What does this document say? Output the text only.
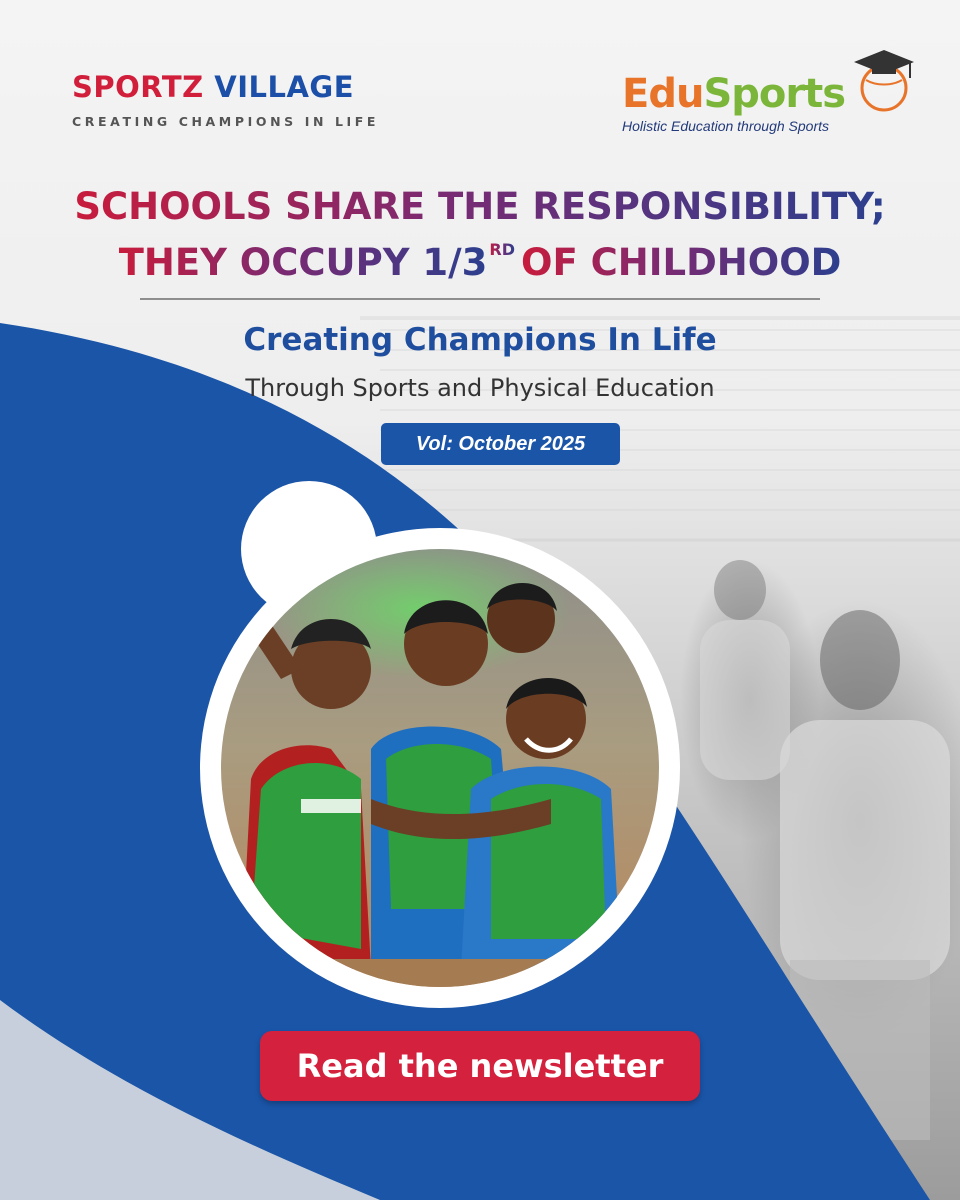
SPORTZ VILLAGE
CREATING CHAMPIONS IN LIFE
EduSports
Holistic Education through Sports
SCHOOLS SHARE THE RESPONSIBILITY;
THEY OCCUPY 1/3 $^{RD}$ OF CHILDHOOD
Creating Champions In Life
Through Sports and Physical Education
Vol: October 2025
Read the newsletter
